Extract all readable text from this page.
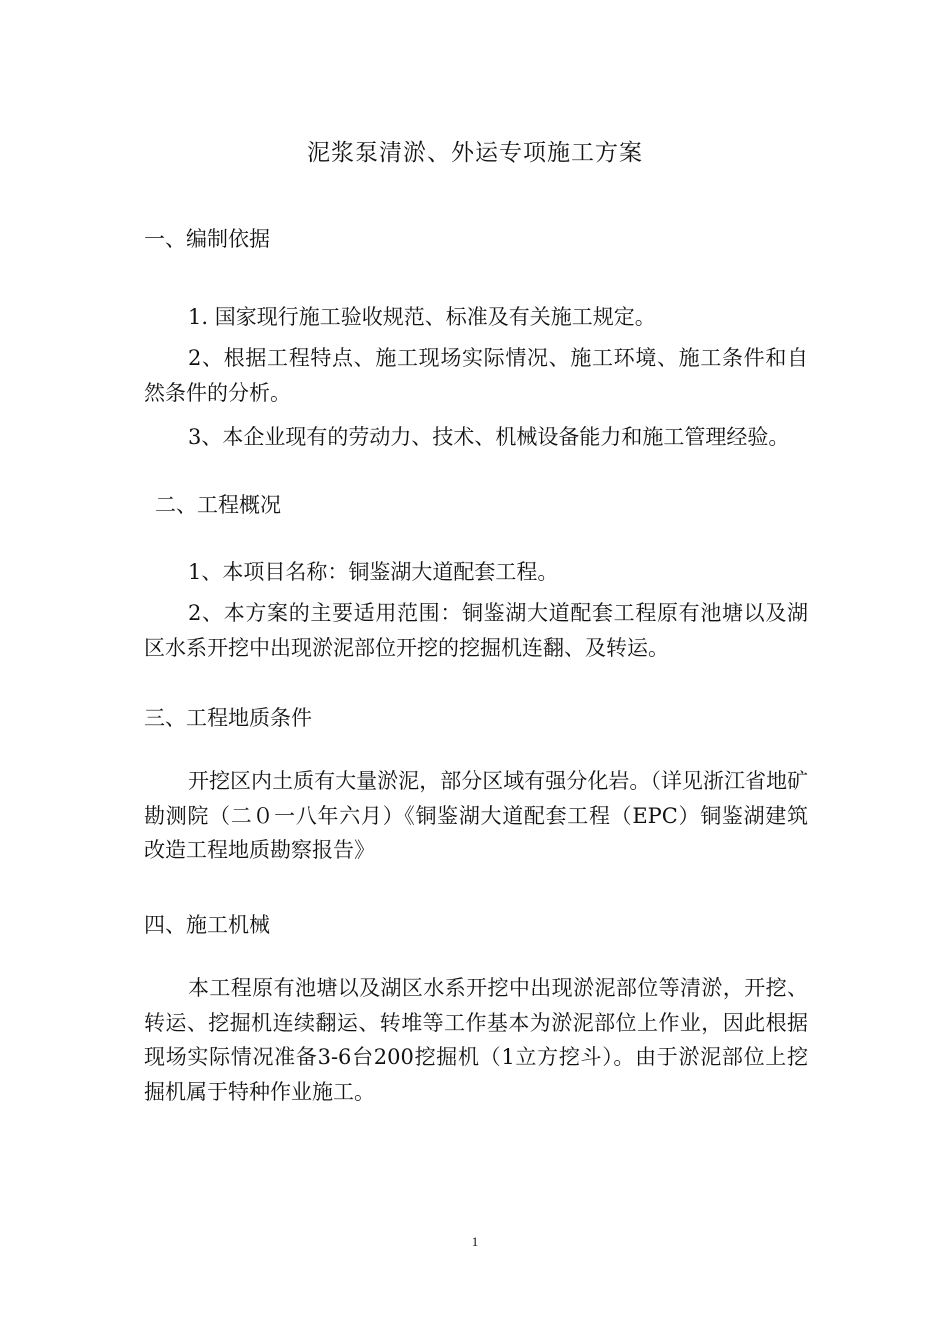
泥浆泵清淤、外运专项施工方案
一、编制依据

1. 国家现行施工验收规范、标准及有关施工规定。

2、根据工程特点、施工现场实际情况、施工环境、施工条件和自然条件的分析。

3、本企业现有的劳动力、技术、机械设备能力和施工管理经验。

二、工程概况

1、本项目名称：铜鉴湖大道配套工程。

2、本方案的主要适用范围：铜鉴湖大道配套工程原有池塘以及湖区水系开挖中出现淤泥部位开挖的挖掘机连翻、及转运。

三、工程地质条件

开挖区内土质有大量淤泥，部分区域有强分化岩。（详见浙江省地矿勘测院（二０一八年六月）《铜鉴湖大道配套工程（EPC）铜鉴湖建筑改造工程地质勘察报告》

四、施工机械

本工程原有池塘以及湖区水系开挖中出现淤泥部位等清淤，开挖、转运、挖掘机连续翻运、转堆等工作基本为淤泥部位上作业，因此根据现场实际情况准备3-6台200挖掘机（1立方挖斗）。由于淤泥部位上挖掘机属于特种作业施工。

1
